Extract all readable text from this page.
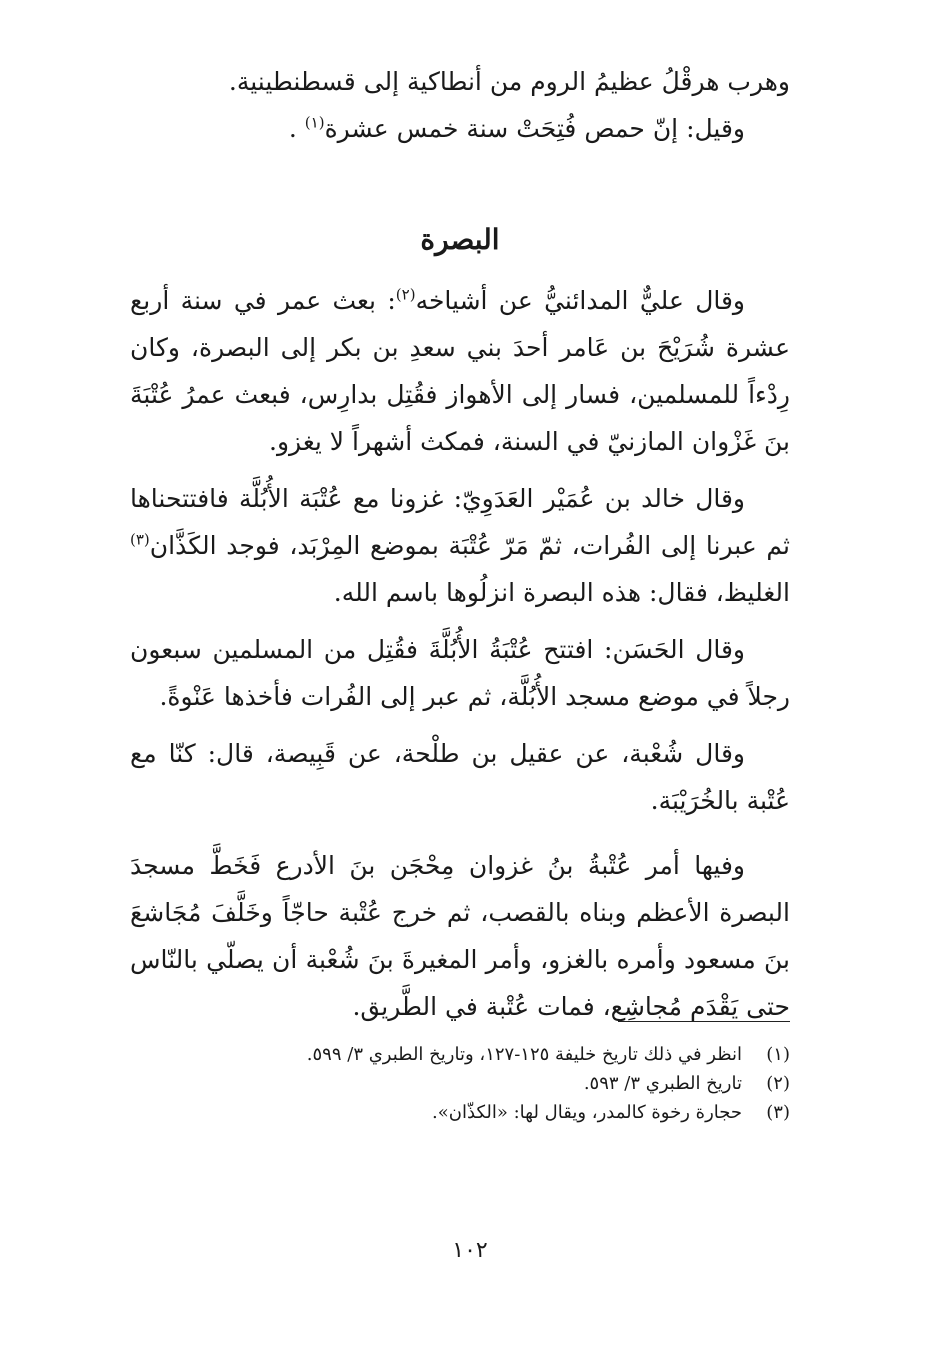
وهرب هرقْلُ عظيمُ الروم من أنطاكية إلى قسطنطينية.

وقيل: إنّ حمص فُتِحَتْ سنة خمس عشرة$^{(١)}$ .

البصرة

وقال عليٌّ المدائنيُّ عن أشياخه$^{(٢)}$: بعث عمر في سنة أربع عشرة شُرَيْحَ بن عَامر أحدَ بني سعدِ بن بكر إلى البصرة، وكان رِدْءاً للمسلمين، فسار إلى الأهواز فقُتِل بدارِس، فبعث عمرُ عُتْبَةَ بنَ غَزْوان المازنيّ في السنة، فمكث أشهراً لا يغزو.

وقال خالد بن عُمَيْر العَدَوِيّ: غزونا مع عُتْبَة الأُبُلَّة فافتتحناها ثم عبرنا إلى الفُرات، ثمّ مَرّ عُتْبَة بموضع المِرْبَد، فوجد الكَذَّان$^{(٣)}$ الغليظ، فقال: هذه البصرة انزلُوها باسم الله.

وقال الحَسَن: افتتح عُتْبَةُ الأُبُلَّةَ فقُتِل من المسلمين سبعون رجلاً في موضع مسجد الأُبُلَّة، ثم عبر إلى الفُرات فأخذها عَنْوةً.

وقال شُعْبة، عن عقيل بن طلْحة، عن قَبِيصة، قال: كنّا مع عُتْبة بالخُرَيْبَة.

وفيها أمر عُتْبةُ بنُ غزوان مِحْجَن بنَ الأدرع فَخَطَّ مسجدَ البصرة الأعظم وبناه بالقصب، ثم خرج عُتْبة حاجّاً وخَلَّفَ مُجَاشعَ بنَ مسعود وأمره بالغزو، وأمر المغيرةَ بنَ شُعْبة أن يصلّي بالنّاس حتى يَقْدَم مُجاشِع، فمات عُتْبة في الطَّريق.

(١)
انظر في ذلك تاريخ خليفة ١٢٥-١٢٧، وتاريخ الطبري ٣/ ٥٩٩.
(٢)
تاريخ الطبري ٣/ ٥٩٣.
(٣)
حجارة رخوة كالمدر، ويقال لها: «الكذّان».
١٠٢
